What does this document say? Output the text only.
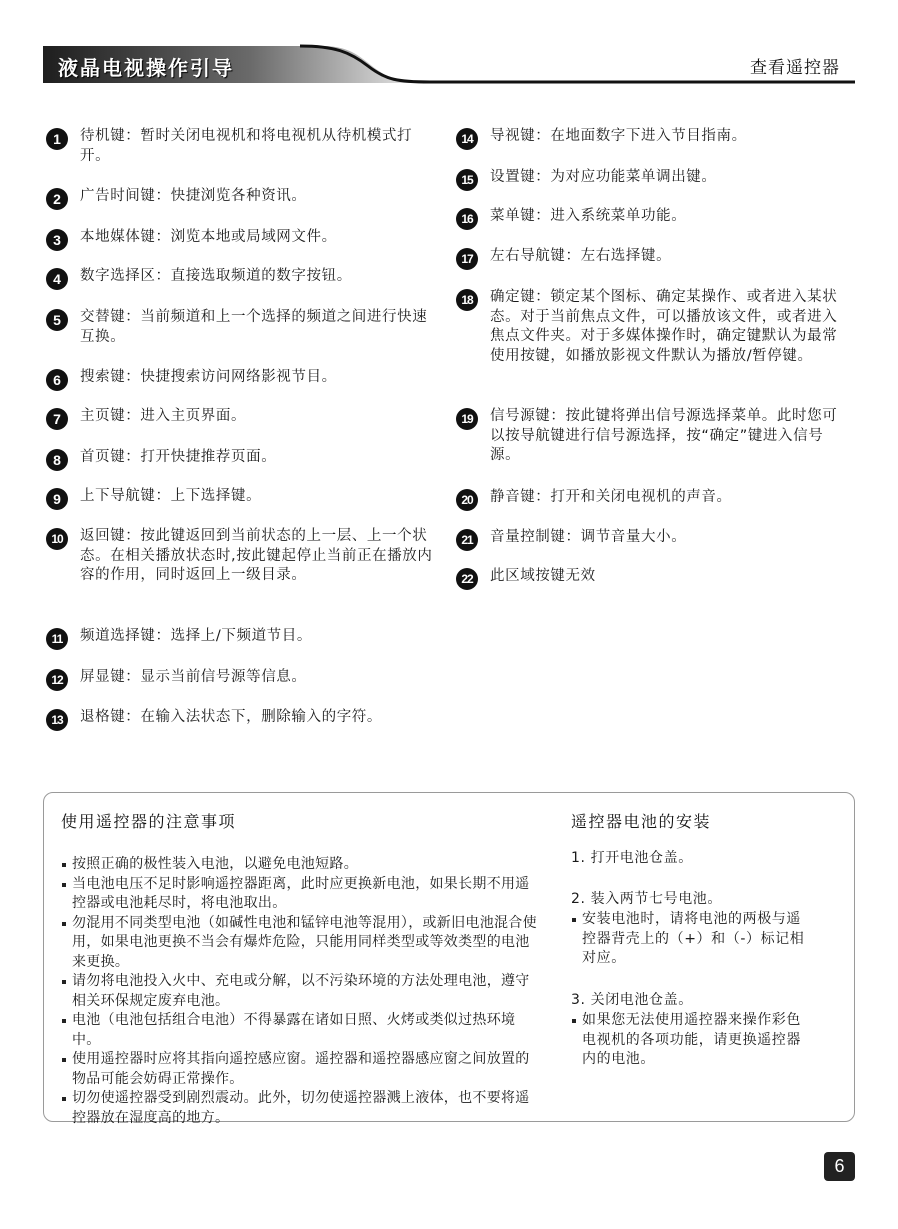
液晶电视操作引导	查看遥控器
1	待机键：暂时关闭电视机和将电视机从待机模式打开。
2	广告时间键：快捷浏览各种资讯。
3	本地媒体键：浏览本地或局域网文件。
4	数字选择区：直接选取频道的数字按钮。
5	交替键：当前频道和上一个选择的频道之间进行快速互换。
6	搜索键：快捷搜索访问网络影视节目。
7	主页键：进入主页界面。
8	首页键：打开快捷推荐页面。
9	上下导航键：上下选择键。
10	返回键：按此键返回到当前状态的上一层、上一个状态。在相关播放状态时,按此键起停止当前正在播放内容的作用，同时返回上一级目录。
11	频道选择键：选择上/下频道节目。
12	屏显键：显示当前信号源等信息。
13	退格键：在输入法状态下，删除输入的字符。
14	导视键：在地面数字下进入节目指南。
15	设置键：为对应功能菜单调出键。
16	菜单键：进入系统菜单功能。
17	左右导航键：左右选择键。
18	确定键：锁定某个图标、确定某操作、或者进入某状态。对于当前焦点文件，可以播放该文件，或者进入焦点文件夹。对于多媒体操作时，确定键默认为最常使用按键，如播放影视文件默认为播放/暂停键。
19	信号源键：按此键将弹出信号源选择菜单。此时您可以按导航键进行信号源选择，按“确定”键进入信号源。
20	静音键：打开和关闭电视机的声音。
21	音量控制键：调节音量大小。
22	此区域按键无效
使用遥控器的注意事项
按照正确的极性装入电池，以避免电池短路。
当电池电压不足时影响遥控器距离，此时应更换新电池，如果长期不用遥控器或电池耗尽时，将电池取出。
勿混用不同类型电池（如碱性电池和锰锌电池等混用），或新旧电池混合使用，如果电池更换不当会有爆炸危险，只能用同样类型或等效类型的电池来更换。
请勿将电池投入火中、充电或分解，以不污染环境的方法处理电池，遵守相关环保规定废弃电池。
电池（电池包括组合电池）不得暴露在诸如日照、火烤或类似过热环境中。
使用遥控器时应将其指向遥控感应窗。遥控器和遥控器感应窗之间放置的物品可能会妨碍正常操作。
切勿使遥控器受到剧烈震动。此外，切勿使遥控器溅上液体，也不要将遥控器放在湿度高的地方。
遥控器电池的安装
1. 打开电池仓盖。
2. 装入两节七号电池。
安装电池时，请将电池的两极与遥控器背壳上的（+）和（-）标记相对应。
3. 关闭电池仓盖。
如果您无法使用遥控器来操作彩色电视机的各项功能，请更换遥控器内的电池。
6
